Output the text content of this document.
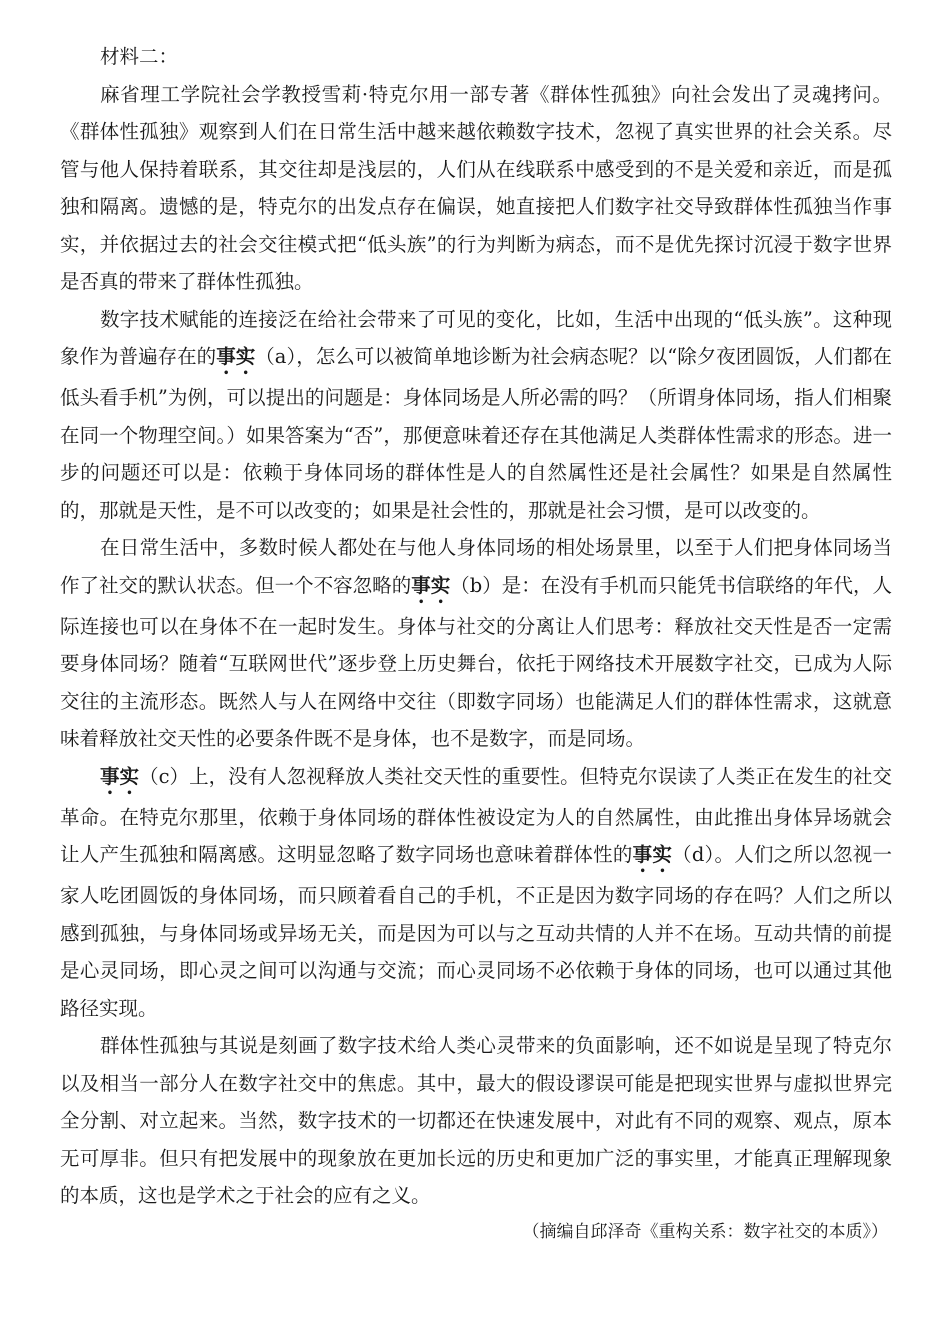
材料二：

麻省理工学院社会学教授雪莉·特克尔用一部专著《群体性孤独》向社会发出了灵魂拷问。《群体性孤独》观察到人们在日常生活中越来越依赖数字技术，忽视了真实世界的社会关系。尽管与他人保持着联系，其交往却是浅层的，人们从在线联系中感受到的不是关爱和亲近，而是孤独和隔离。遗憾的是，特克尔的出发点存在偏误，她直接把人们数字社交导致群体性孤独当作事实，并依据过去的社会交往模式把“低头族”的行为判断为病态，而不是优先探讨沉浸于数字世界是否真的带来了群体性孤独。

数字技术赋能的连接泛在给社会带来了可见的变化，比如，生活中出现的“低头族”。这种现象作为普遍存在的事实（a），怎么可以被简单地诊断为社会病态呢？以“除夕夜团圆饭，人们都在低头看手机”为例，可以提出的问题是：身体同场是人所必需的吗？（所谓身体同场，指人们相聚在同一个物理空间。）如果答案为“否”，那便意味着还存在其他满足人类群体性需求的形态。进一步的问题还可以是：依赖于身体同场的群体性是人的自然属性还是社会属性？如果是自然属性的，那就是天性，是不可以改变的；如果是社会性的，那就是社会习惯，是可以改变的。

在日常生活中，多数时候人都处在与他人身体同场的相处场景里，以至于人们把身体同场当作了社交的默认状态。但一个不容忽略的事实（b）是：在没有手机而只能凭书信联络的年代，人际连接也可以在身体不在一起时发生。身体与社交的分离让人们思考：释放社交天性是否一定需要身体同场？随着“互联网世代”逐步登上历史舞台，依托于网络技术开展数字社交，已成为人际交往的主流形态。既然人与人在网络中交往（即数字同场）也能满足人们的群体性需求，这就意味着释放社交天性的必要条件既不是身体，也不是数字，而是同场。

事实（c）上，没有人忽视释放人类社交天性的重要性。但特克尔误读了人类正在发生的社交革命。在特克尔那里，依赖于身体同场的群体性被设定为人的自然属性，由此推出身体异场就会让人产生孤独和隔离感。这明显忽略了数字同场也意味着群体性的事实（d）。人们之所以忽视一家人吃团圆饭的身体同场，而只顾着看自己的手机，不正是因为数字同场的存在吗？人们之所以感到孤独，与身体同场或异场无关，而是因为可以与之互动共情的人并不在场。互动共情的前提是心灵同场，即心灵之间可以沟通与交流；而心灵同场不必依赖于身体的同场，也可以通过其他路径实现。

群体性孤独与其说是刻画了数字技术给人类心灵带来的负面影响，还不如说是呈现了特克尔以及相当一部分人在数字社交中的焦虑。其中，最大的假设谬误可能是把现实世界与虚拟世界完全分割、对立起来。当然，数字技术的一切都还在快速发展中，对此有不同的观察、观点，原本无可厚非。但只有把发展中的现象放在更加长远的历史和更加广泛的事实里，才能真正理解现象的本质，这也是学术之于社会的应有之义。

（摘编自邱泽奇《重构关系：数字社交的本质》）
